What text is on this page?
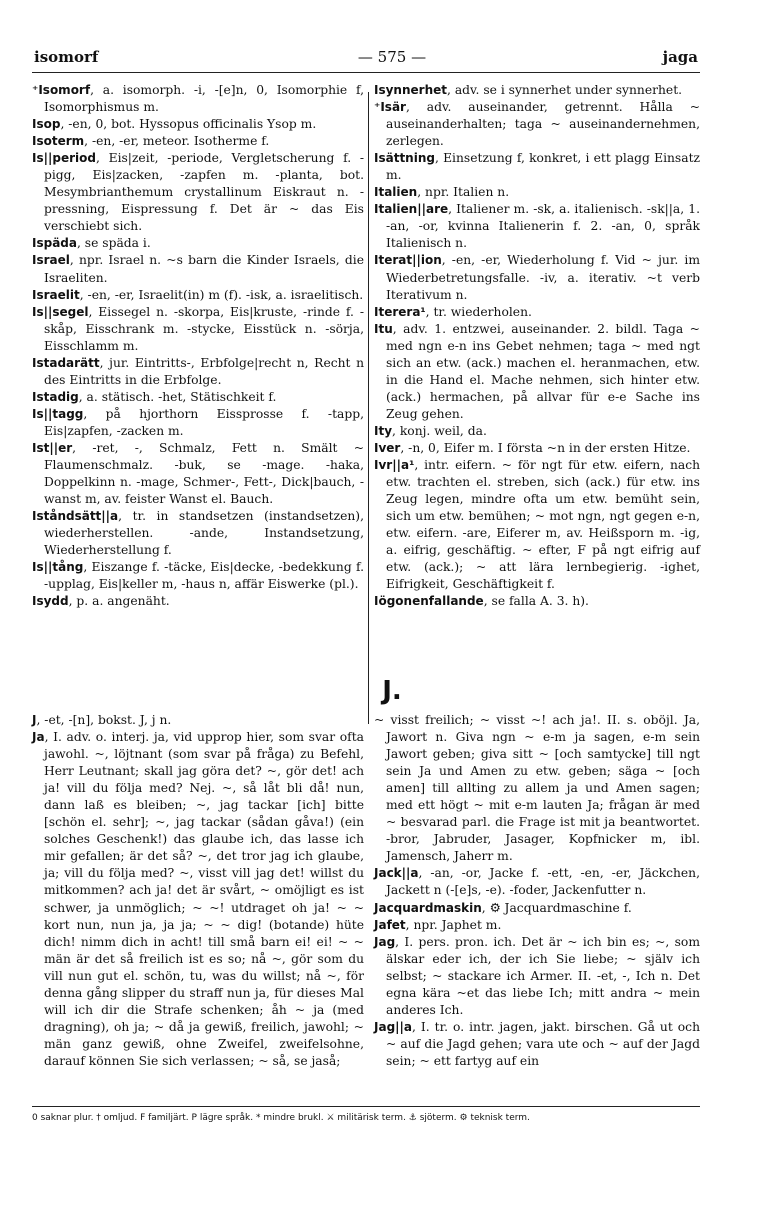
isomorf	— 575 —	jaga

⁺Isomorf, a. isomorph. -i, -[e]n, 0, Isomorphie f, Isomorphismus m.

Isop, -en, 0, bot. Hyssopus officinalis Ysop m.

Isoterm, -en, -er, meteor. Isotherme f.

Is||period, Eis|zeit, -periode, Vergletscherung f. -pigg, Eis|zacken, -zapfen m. -planta, bot. Mesymbrianthemum crystallinum Eiskraut n. -pressning, Eispressung f. Det är ~ das Eis verschiebt sich.

Ispäda, se späda i.

Israel, npr. Israel n. ~s barn die Kinder Israels, die Israeliten.

Israelit, -en, -er, Israelit(in) m (f). -isk, a. israelitisch.

Is||segel, Eissegel n. -skorpa, Eis|kruste, -rinde f. -skåp, Eisschrank m. -stycke, Eisstück n. -sörja, Eisschlamm m.

Istadarätt, jur. Eintritts-, Erbfolge|recht n, Recht n des Eintritts in die Erbfolge.

Istadig, a. stätisch. -het, Stätischkeit f.

Is||tagg, på hjorthorn Eissprosse f. -tapp, Eis|zapfen, -zacken m.

Ist||er, -ret, -, Schmalz, Fett n. Smält ~ Flaumenschmalz. -buk, se -mage. -haka, Doppelkinn n. -mage, Schmer-, Fett-, Dick|bauch, -wanst m, av. feister Wanst el. Bauch.

Iståndsätt||a, tr. in standsetzen (instandsetzen), wiederherstellen. -ande, Instandsetzung, Wiederherstellung f.

Is||tång, Eiszange f. -täcke, Eis|decke, -bedekkung f. -upplag, Eis|keller m, -haus n, affär Eiswerke (pl.).

Isydd, p. a. angenäht.

Isynnerhet, adv. se i synnerhet under synnerhet.

⁺Isär, adv. auseinander, getrennt. Hålla ~ auseinanderhalten; taga ~ auseinandernehmen, zerlegen.

Isättning, Einsetzung f, konkret, i ett plagg Einsatz m.

Italien, npr. Italien n.

Italien||are, Italiener m. -sk, a. italienisch. -sk||a, 1. -an, -or, kvinna Italienerin f. 2. -an, 0, språk Italienisch n.

Iterat||ion, -en, -er, Wiederholung f. Vid ~ jur. im Wiederbetretungsfalle. -iv, a. iterativ. ~t verb Iterativum n.

Iterera¹, tr. wiederholen.

Itu, adv. 1. entzwei, auseinander. 2. bildl. Taga ~ med ngn e-n ins Gebet nehmen; taga ~ med ngt sich an etw. (ack.) machen el. heranmachen, etw. in die Hand el. Mache nehmen, sich hinter etw. (ack.) hermachen, på allvar für e-e Sache ins Zeug gehen.

Ity, konj. weil, da.

Iver, -n, 0, Eifer m. I första ~n in der ersten Hitze.

Ivr||a¹, intr. eifern. ~ för ngt für etw. eifern, nach etw. trachten el. streben, sich (ack.) für etw. ins Zeug legen, mindre ofta um etw. bemüht sein, sich um etw. bemühen; ~ mot ngn, ngt gegen e-n, etw. eifern. -are, Eiferer m, av. Heißsporn m. -ig, a. eifrig, geschäftig. ~ efter, F på ngt eifrig auf etw. (ack.); ~ att lära lernbegierig. -ighet, Eifrigkeit, Geschäftigkeit f.

Iögonenfallande, se falla A. 3. h).

J.

J, -et, -[n], bokst. J, j n.

Ja, I. adv. o. interj. ja, vid upprop hier, som svar ofta jawohl. ~, löjtnant (som svar på fråga) zu Befehl, Herr Leutnant; skall jag göra det? ~, gör det! ach ja! vill du följa med? Nej. ~, så låt bli då! nun, dann laß es bleiben; ~, jag tackar [ich] bitte [schön el. sehr]; ~, jag tackar (sådan gåva!) (ein solches Geschenk!) das glaube ich, das lasse ich mir gefallen; är det så? ~, det tror jag ich glaube, ja; vill du följa med? ~, visst vill jag det! willst du mitkommen? ach ja! det är svårt, ~ omöjligt es ist schwer, ja unmöglich; ~ ~! utdraget oh ja! ~ ~ kort nun, nun ja, ja ja; ~ ~ dig! (botande) hüte dich! nimm dich in acht! till små barn ei! ei! ~ ~ män är det så freilich ist es so; nå ~, gör som du vill nun gut el. schön, tu, was du willst; nå ~, för denna gång slipper du straff nun ja, für dieses Mal will ich dir die Strafe schenken; åh ~ ja (med dragning), oh ja; ~ då ja gewiß, freilich, jawohl; ~ män ganz gewiß, ohne Zweifel, zweifelsohne, darauf können Sie sich verlassen; ~ så, se jaså;

~ visst freilich; ~ visst ~! ach ja!. II. s. oböjl. Ja, Jawort n. Giva ngn ~ e-m ja sagen, e-m sein Jawort geben; giva sitt ~ [och samtycke] till ngt sein Ja und Amen zu etw. geben; säga ~ [och amen] till allting zu allem ja und Amen sagen; med ett högt ~ mit e-m lauten Ja; frågan är med ~ besvarad parl. die Frage ist mit ja beantwortet. -bror, Jabruder, Jasager, Kopfnicker m, ibl. Jamensch, Jaherr m.

Jack||a, -an, -or, Jacke f. -ett, -en, -er, Jäckchen, Jackett n (-[e]s, -e). -foder, Jackenfutter n.

Jacquardmaskin, ⚙ Jacquardmaschine f.

Jafet, npr. Japhet m.

Jag, I. pers. pron. ich. Det är ~ ich bin es; ~, som älskar eder ich, der ich Sie liebe; ~ själv ich selbst; ~ stackare ich Armer. II. -et, -, Ich n. Det egna kära ~et das liebe Ich; mitt andra ~ mein anderes Ich.

Jag||a, I. tr. o. intr. jagen, jakt. birschen. Gå ut och ~ auf die Jagd gehen; vara ute och ~ auf der Jagd sein; ~ ett fartyg auf ein

0 saknar plur. † omljud. F familjärt. P lägre språk. * mindre brukl. ⚔ militärisk term. ⚓ sjöterm. ⚙ teknisk term.
